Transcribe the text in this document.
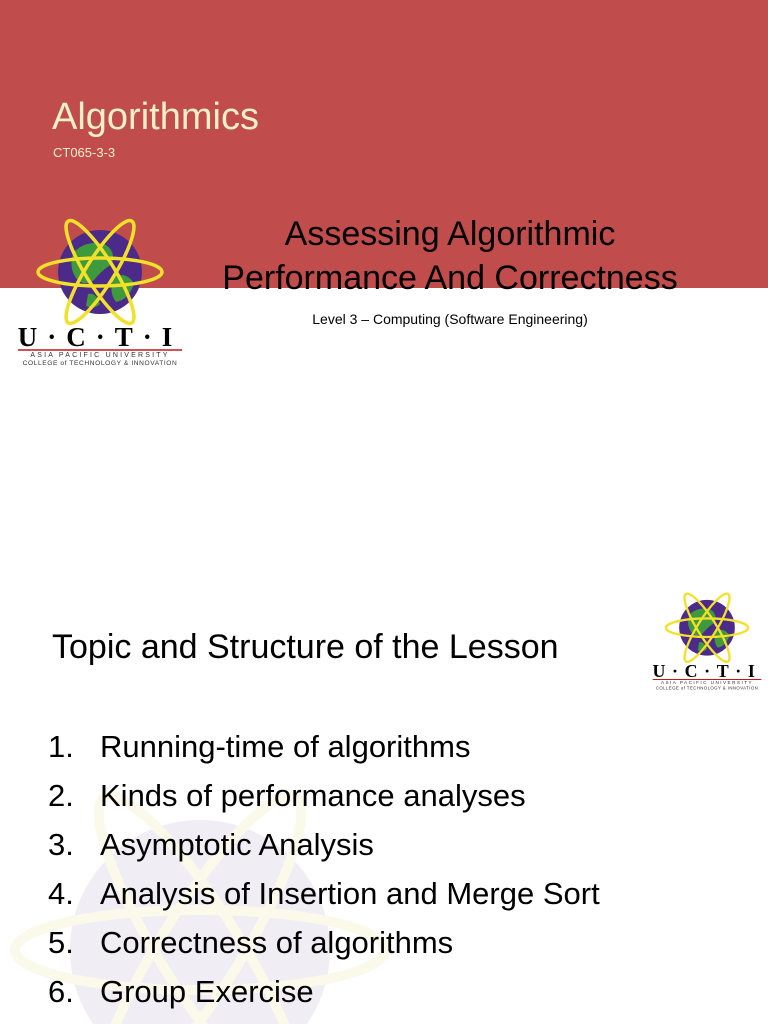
Algorithmics
CT065-3-3
Assessing Algorithmic
Performance And Correctness
Level 3 – Computing (Software Engineering)
U·C·T·I
ASIA PACIFIC UNIVERSITY
COLLEGE of TECHNOLOGY & INNOVATION
U·C·T·I
ASIA PACIFIC UNIVERSITY
COLLEGE of TECHNOLOGY & INNOVATION
Topic and Structure of the Lesson
1. Running-time of algorithms
2. Kinds of performance analyses
3. Asymptotic Analysis
4. Analysis of Insertion and Merge Sort
5. Correctness of algorithms
6. Group Exercise
